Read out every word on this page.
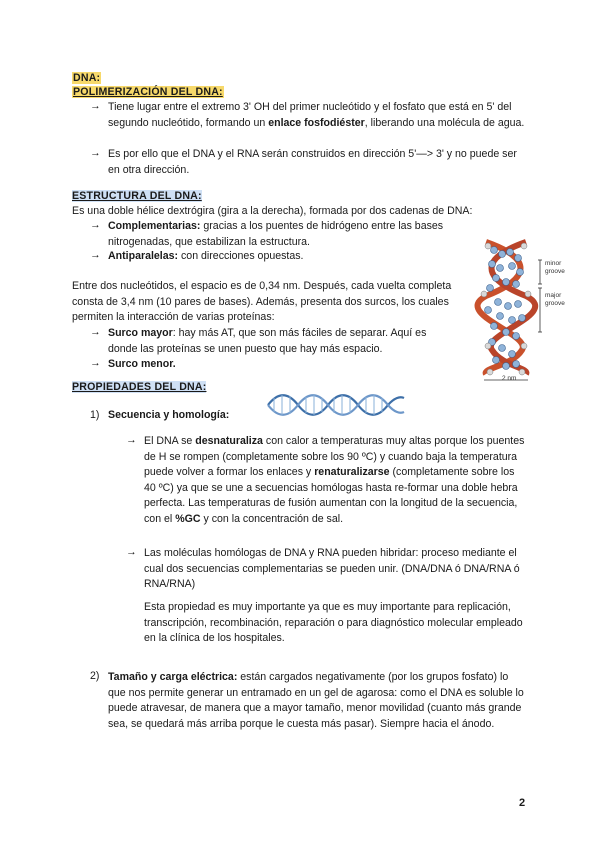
DNA:
POLIMERIZACIÓN DEL DNA:
→ Tiene lugar entre el extremo 3' OH del primer nucleótido y el fosfato que está en 5' del segundo nucleótido, formando un enlace fosfodiéster, liberando una molécula de agua.
→ Es por ello que el DNA y el RNA serán construidos en dirección 5'—> 3' y no puede ser en otra dirección.
ESTRUCTURA DEL DNA:
Es una doble hélice dextrógira (gira a la derecha), formada por dos cadenas de DNA:
→ Complementarias: gracias a los puentes de hidrógeno entre las bases nitrogenadas, que estabilizan la estructura.
→ Antiparalelas: con direcciones opuestas.
Entre dos nucleótidos, el espacio es de 0,34 nm. Después, cada vuelta completa consta de 3,4 nm (10 pares de bases). Además, presenta dos surcos, los cuales permiten la interacción de varias proteínas:
→ Surco mayor: hay más AT, que son más fáciles de separar. Aquí es donde las proteínas se unen puesto que hay más espacio.
→ Surco menor.
minor groove
major groove
2 nm
PROPIEDADES DEL DNA:
1) Secuencia y homología:
→ El DNA se desnaturaliza con calor a temperaturas muy altas porque los puentes de H se rompen (completamente sobre los 90 ºC) y cuando baja la temperatura puede volver a formar los enlaces y renaturalizarse (completamente sobre los 40 ºC) ya que se une a secuencias homólogas hasta re-formar una doble hebra perfecta. Las temperaturas de fusión aumentan con la longitud de la secuencia, con el %GC y con la concentración de sal.
→ Las moléculas homólogas de DNA y RNA pueden hibridar: proceso mediante el cual dos secuencias complementarias se pueden unir. (DNA/DNA ó DNA/RNA ó RNA/RNA)
Esta propiedad es muy importante ya que es muy importante para replicación, transcripción, recombinación, reparación o para diagnóstico molecular empleado en la clínica de los hospitales.
2) Tamaño y carga eléctrica: están cargados negativamente (por los grupos fosfato) lo que nos permite generar un entramado en un gel de agarosa: como el DNA es soluble lo puede atravesar, de manera que a mayor tamaño, menor movilidad (cuanto más grande sea, se quedará más arriba porque le cuesta más pasar). Siempre hacia el ánodo.
2
